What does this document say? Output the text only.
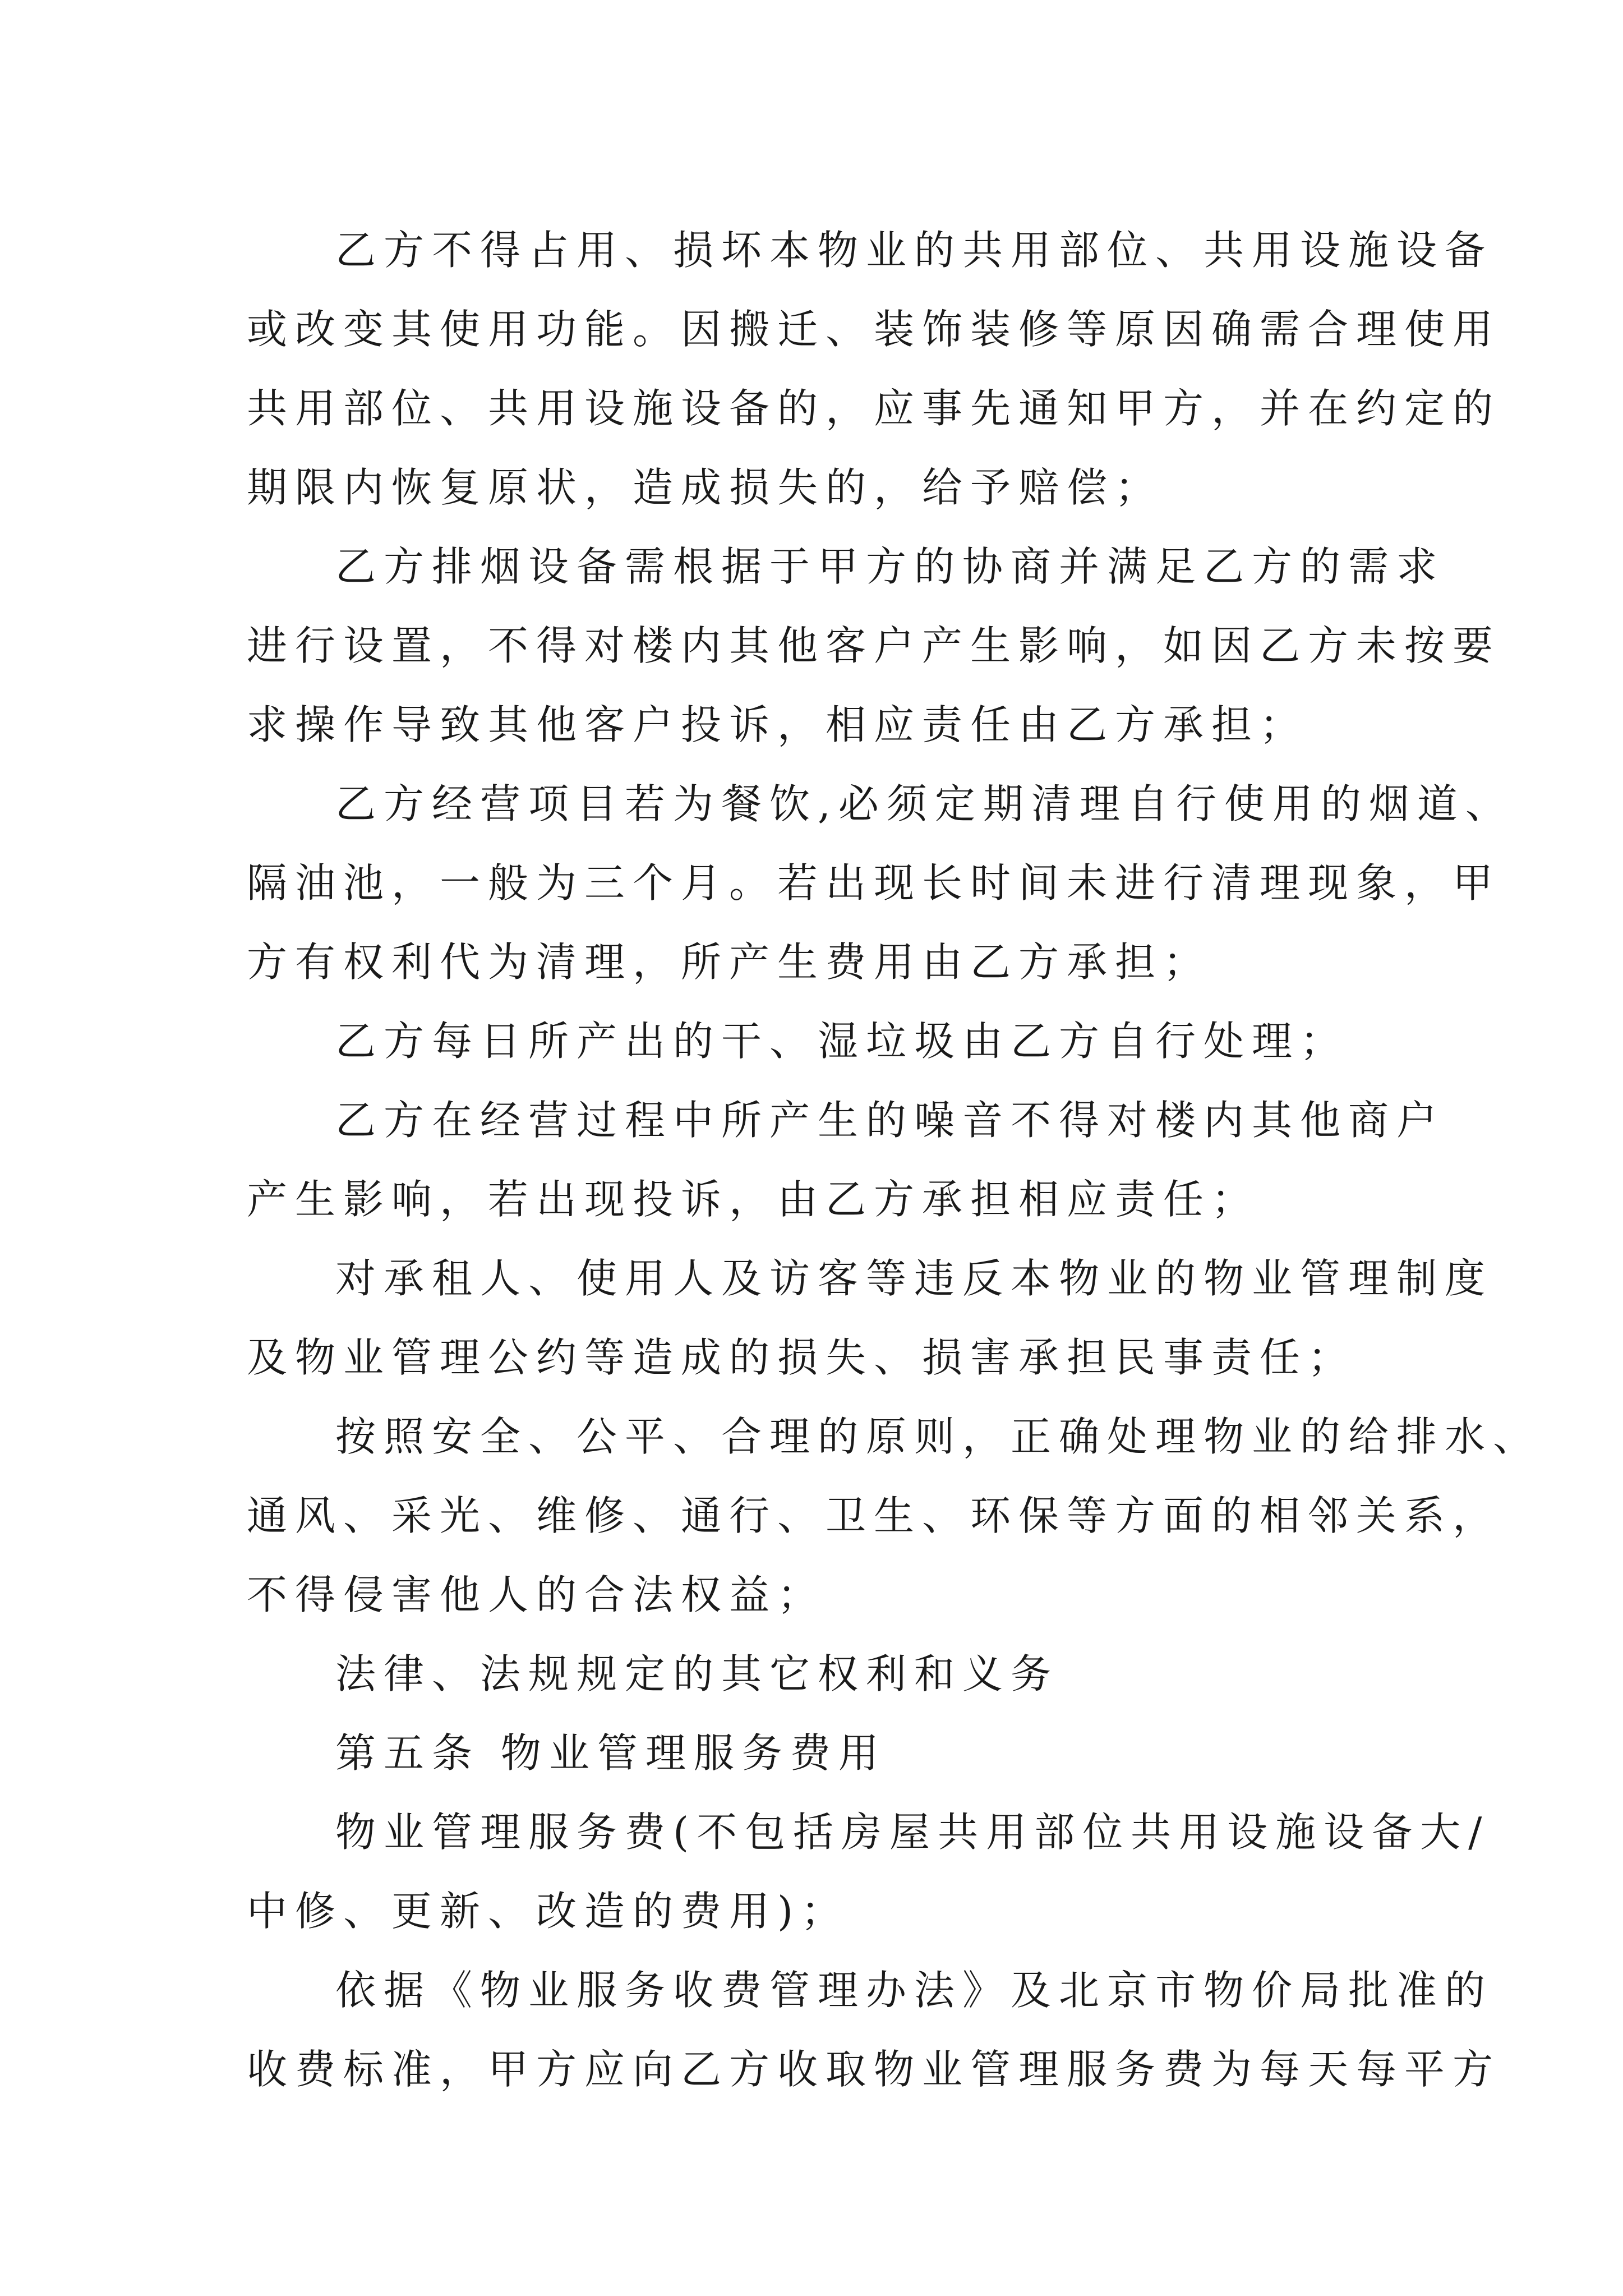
乙方不得占用、损坏本物业的共用部位、共用设施设备
或改变其使用功能。因搬迁、装饰装修等原因确需合理使用
共用部位、共用设施设备的，应事先通知甲方，并在约定的
期限内恢复原状，造成损失的，给予赔偿；
乙方排烟设备需根据于甲方的协商并满足乙方的需求
进行设置，不得对楼内其他客户产生影响，如因乙方未按要
求操作导致其他客户投诉，相应责任由乙方承担；
乙方经营项目若为餐饮,必须定期清理自行使用的烟道、
隔油池，一般为三个月。若出现长时间未进行清理现象，甲
方有权利代为清理，所产生费用由乙方承担；
乙方每日所产出的干、湿垃圾由乙方自行处理；
乙方在经营过程中所产生的噪音不得对楼内其他商户
产生影响，若出现投诉，由乙方承担相应责任；
对承租人、使用人及访客等违反本物业的物业管理制度
及物业管理公约等造成的损失、损害承担民事责任；
按照安全、公平、合理的原则，正确处理物业的给排水、
通风、采光、维修、通行、卫生、环保等方面的相邻关系，
不得侵害他人的合法权益；
法律、法规规定的其它权利和义务
第五条 物业管理服务费用
物业管理服务费(不包括房屋共用部位共用设施设备大/
中修、更新、改造的费用)；
依据《物业服务收费管理办法》及北京市物价局批准的
收费标准，甲方应向乙方收取物业管理服务费为每天每平方
